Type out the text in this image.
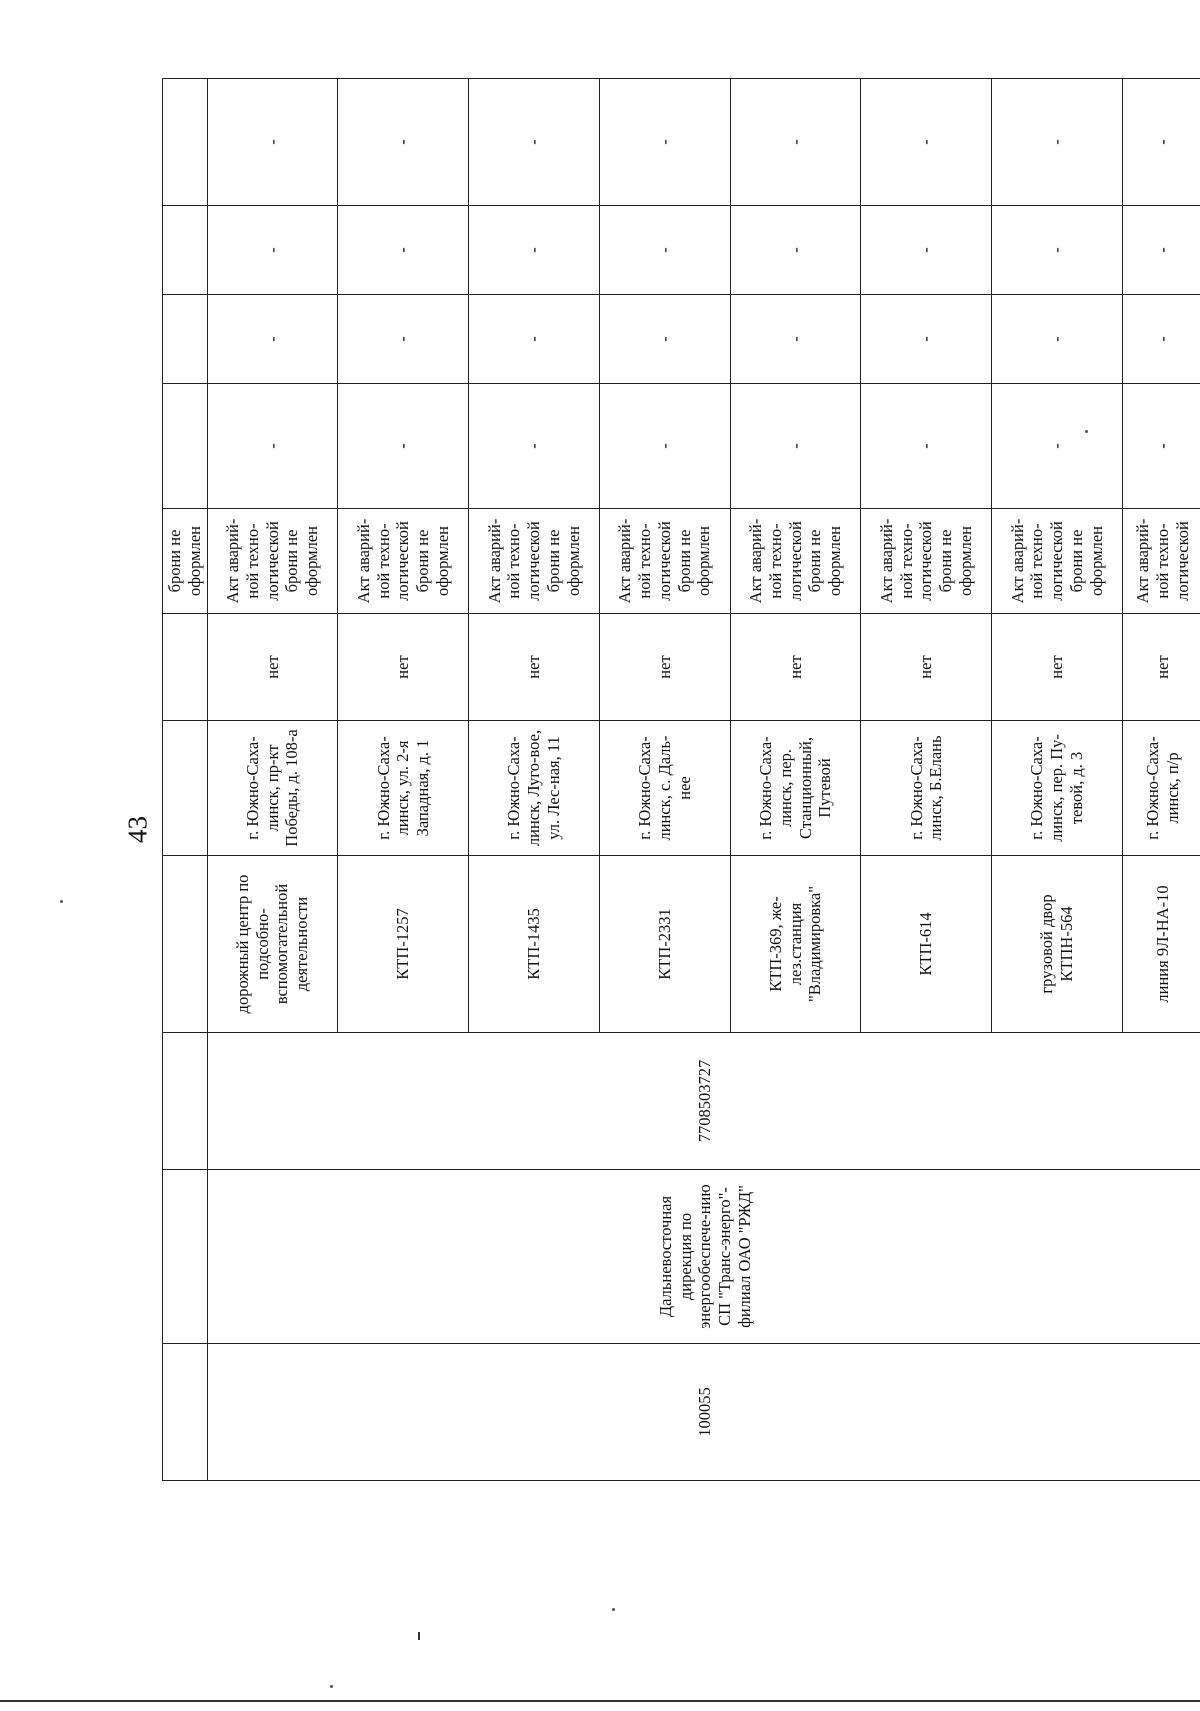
43
						брони не оформлен				
100055	Дальневосточная дирекция по энергообеспече-нию СП "Транс-энерго"-филиал ОАО "РЖД"	7708503727	дорожный центр по подсобно-вспомогательной деятельности	г. Южно-Саха-линск, пр-кт Победы, д. 108-а	нет	Акт аварий-ной техно-логической брони не оформлен	-	-	-	-
			КТП-1257	г. Южно-Саха-линск, ул. 2-я Западная, д. 1	нет	Акт аварий-ной техно-логической брони не оформлен	-	-	-	-
			КТП-1435	г. Южно-Саха-линск, Луго-вое, ул. Лес-ная, 11	нет	Акт аварий-ной техно-логической брони не оформлен	-	-	-	-
			КТП-2331	г. Южно-Саха-линск, с. Даль-нее	нет	Акт аварий-ной техно-логической брони не оформлен	-	-	-	-
			КТП-369, же-лез.станция "Владимировка"	г. Южно-Саха-линск, пер. Станционный, Путевой	нет	Акт аварий-ной техно-логической брони не оформлен	-	-	-	-
			КТП-614	г. Южно-Саха-линск, Б.Елань	нет	Акт аварий-ной техно-логической брони не оформлен	-	-	-	-
			грузовой двор КТПН-564	г. Южно-Саха-линск, пер. Пу-тевой, д. 3	нет	Акт аварий-ной техно-логической брони не оформлен	-	-	-	-
			линия 9Л-НА-10	г. Южно-Саха-линск, п/р	нет	Акт аварий-ной техно-логической	-	-	-	-
